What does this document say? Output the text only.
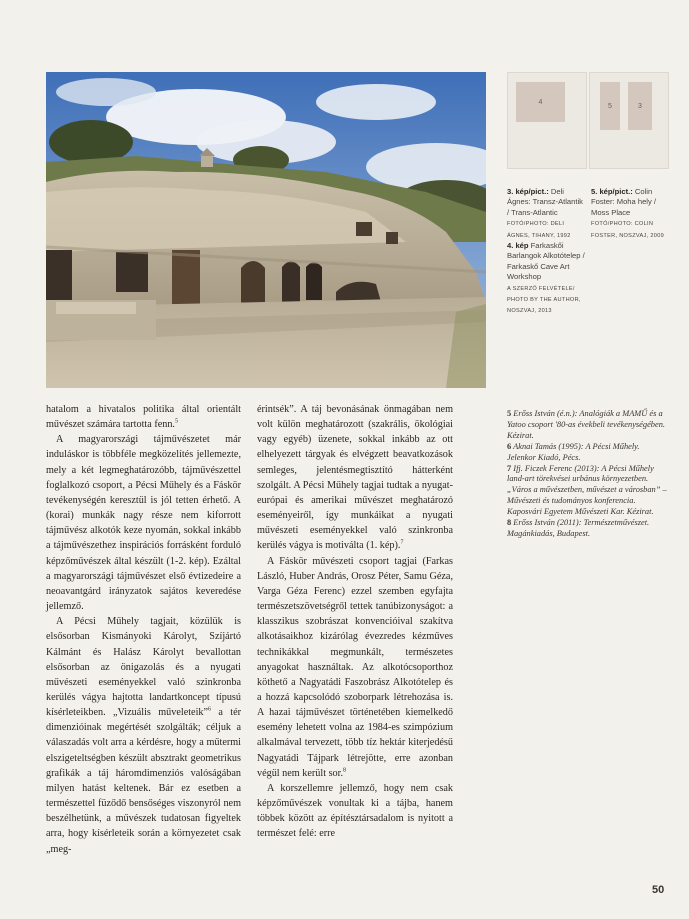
4
5	3
3. kép/pict.: Deli Ágnes: Transz-Atlantik / Trans-Atlantic
FOTÓ/PHOTO: DELI ÁGNES, TIHANY, 1992
4. kép Farkaskői Barlangok Alkotótelep / Farkaskő Cave Art Workshop
A SZERZŐ FELVÉTELE/ PHOTO BY THE AUTHOR, NOSZVAJ, 2013
5. kép/pict.: Colin Foster: Moha hely / Moss Place
FOTÓ/PHOTO: COLIN FOSTER, NOSZVAJ, 2009

hatalom a hivatalos politika által orientált művészet számára tartotta fenn.$^5$

A magyarországi tájművészetet már induláskor is többféle megközelítés jellemezte, mely a két legmeghatározóbb, tájművészettel foglalkozó csoport, a Pécsi Műhely és a Fáskör tevékenységén keresztül is jól tetten érhető. A (korai) munkák nagy része nem kiforrott tájművész alkotók keze nyomán, sokkal inkább a tájművészethez inspirációs forrásként forduló képzőművészek által készült (1-2. kép). Ezáltal a magyarországi tájművészet első évtizedeire a neoavantgárd irányzatok sajátos keveredése jellemző.

A Pécsi Műhely tagjait, közülük is elsősorban Kismányoki Károlyt, Szíjártó Kálmánt és Halász Károlyt bevallottan elsősorban az önigazolás és a nyugati művészeti eseményekkel való szinkronba kerülés vágya hajtotta landartkoncept típusú kísérleteikben. „Vizuális műveleteik”$^6$ a tér dimenzióinak megértését szolgálták; céljuk a válaszadás volt arra a kérdésre, hogy a műtermi elszigeteltségben készült absztrakt geometrikus grafikák a táj háromdimenziós valóságában milyen hatást keltenek. Bár ez esetben a természettel füződő bensőséges viszonyról nem beszélhetünk, a művészek tudatosan figyeltek arra, hogy kísérleteik során a környezetet csak „meg-

érintsék”. A táj bevonásának önmagában nem volt külön meghatározott (szakrális, ökológiai vagy egyéb) üzenete, sokkal inkább az ott elhelyezett tárgyak és elvégzett beavatkozások semleges, jelentésmegtisztító hátterként szolgált. A Pécsi Műhely tagjai tudtak a nyugat-európai és amerikai művészet meghatározó eseményeiről, így munkáikat a nyugati művészeti eseményekkel való szinkronba kerülés vágya is motiválta (1. kép).$^7$

A Fáskör művészeti csoport tagjai (Farkas László, Huber András, Orosz Péter, Samu Géza, Varga Géza Ferenc) ezzel szemben egyfajta természetszövetségről tettek tanúbizonyságot: a klasszikus szobrászat konvencióival szakítva alkotásaikhoz kizárólag évezredes kézműves technikákkal megmunkált, természetes anyagokat használtak. Az alkotócsoporthoz köthető a Nagyatádi Faszobrász Alkotótelep és a hozzá kapcsolódó szoborpark létrehozása is. A hazai tájművészet történetében kiemelkedő esemény lehetett volna az 1984-es szimpózium alkalmával tervezett, több tíz hektár kiterjedésű Nagyatádi Tájpark létrejötte, erre azonban végül nem került sor.$^8$

A korszellemre jellemző, hogy nem csak képzőművészek vonultak ki a tájba, hanem többek között az építésztársadalom is nyitott a természet felé: erre

5 Erőss István (é.n.): Analógiák a MAMŰ és a Yatoo csoport '80-as évekbeli tevékenységében. Kézirat.

6 Aknai Tamás (1995): A Pécsi Műhely. Jelenkor Kiadó, Pécs.

7 Ifj. Ficzek Ferenc (2013): A Pécsi Műhely land-art törekvései urbánus környezetben. „Város a művészetben, művészet a városban” – Művészeti és tudományos konferencia. Kaposvári Egyetem Művészeti Kar. Kézirat.

8 Erőss István (2011): Természetművészet. Magánkiadás, Budapest.

50
